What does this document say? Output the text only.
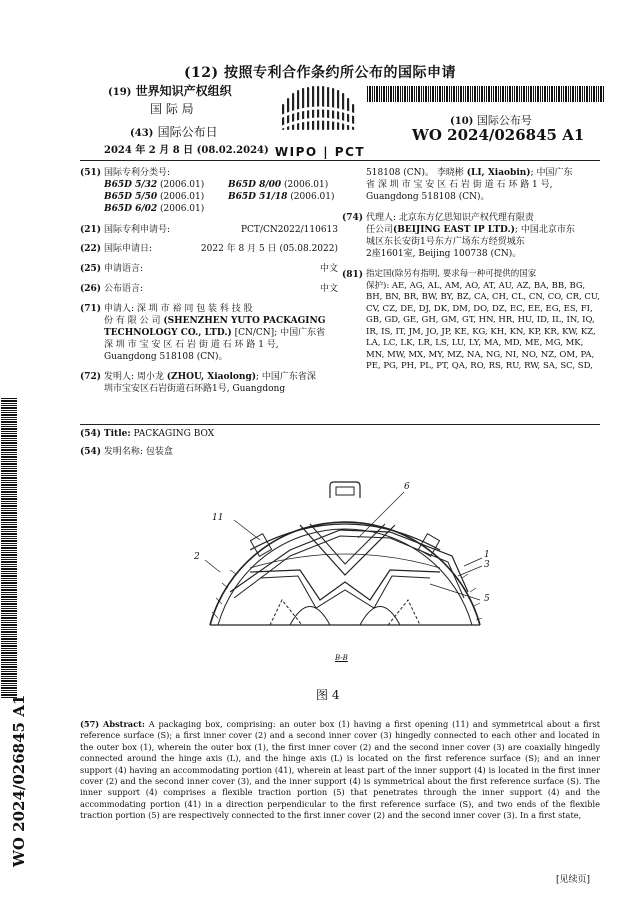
(12) 按照专利合作条约所公布的国际申请
(19) 世界知识产权组织
国 际 局
(43) 国际公布日
2024 年 2 月 8 日 (08.02.2024) WIPO | PCT
(10) 国际公布号
WO 2024/026845 A1
(51) 国际专利分类号:
B65D 5/32 (2006.01)	B65D 8/00 (2006.01)
B65D 5/50 (2006.01)	B65D 51/18 (2006.01)
B65D 6/02 (2006.01)
(21) 国际专利申请号:	PCT/CN2022/110613
(22) 国际申请日:	2022 年 8 月 5 日 (05.08.2022)
(25) 申请语言:	中文
(26) 公布语言:	中文
(71) 申请人: 深 圳 市 裕 同 包 装 科 技 股
份 有 限 公 司 (SHENZHEN YUTO PACKAGING
TECHNOLOGY CO., LTD.) [CN/CN]; 中国广东省
深 圳 市 宝 安 区 石 岩 街 道 石 环 路 1 号,
Guangdong 518108 (CN)。
(72) 发明人: 周小龙 (ZHOU, Xiaolong); 中国广东省深
圳市宝安区石岩街道石环路1号, Guangdong
518108 (CN)。 李晓彬 (LI, Xiaobin); 中国广东
省 深 圳 市 宝 安 区 石 岩 街 道 石 环 路 1 号,
Guangdong 518108 (CN)。
(74) 代理人: 北京东方亿思知识产权代理有限责
任公司(BEIJING EAST IP LTD.); 中国北京市东
城区东长安街1号东方广场东方经贸城东
2座1601室, Beijing 100738 (CN)。
(81) 指定国(除另有指明, 要求每一种可提供的国家
保护): AE, AG, AL, AM, AO, AT, AU, AZ, BA, BB, BG,
BH, BN, BR, BW, BY, BZ, CA, CH, CL, CN, CO, CR, CU,
CV, CZ, DE, DJ, DK, DM, DO, DZ, EC, EE, EG, ES, FI,
GB, GD, GE, GH, GM, GT, HN, HR, HU, ID, IL, IN, IQ,
IR, IS, IT, JM, JO, JP, KE, KG, KH, KN, KP, KR, KW, KZ,
LA, LC, LK, LR, LS, LU, LY, MA, MD, ME, MG, MK,
MN, MW, MX, MY, MZ, NA, NG, NI, NO, NZ, OM, PA,
PE, PG, PH, PL, PT, QA, RO, RS, RU, RW, SA, SC, SD,
(54) Title: PACKAGING BOX
(54) 发明名称: 包装盒
6
11
2	1
3
5
B-B
图 4
(57) Abstract: A packaging box, comprising: an outer box (1) having a first opening (11) and symmetrical about a first reference surface (S); a first inner cover (2) and a second inner cover (3) hingedly connected to each other and located in the outer box (1), wherein the outer box (1), the first inner cover (2) and the second inner cover (3) are coaxially hingedly connected around the hinge axis (L), and the hinge axis (L) is located on the first reference surface (S); and an inner support (4) having an accommodating portion (41), wherein at least part of the inner support (4) is located in the first inner cover (2) and the second inner cover (3), and the inner support (4) is symmetrical about the first reference surface (S). The inner support (4) comprises a flexible traction portion (5) that penetrates through the inner support (4) and the accommodating portion (41) in a direction perpendicular to the first reference surface (S), and two ends of the flexible traction portion (5) are respectively connected to the first inner cover (2) and the second inner cover (3). In a first state,
WO 2024/026845 A1
[见续页]
